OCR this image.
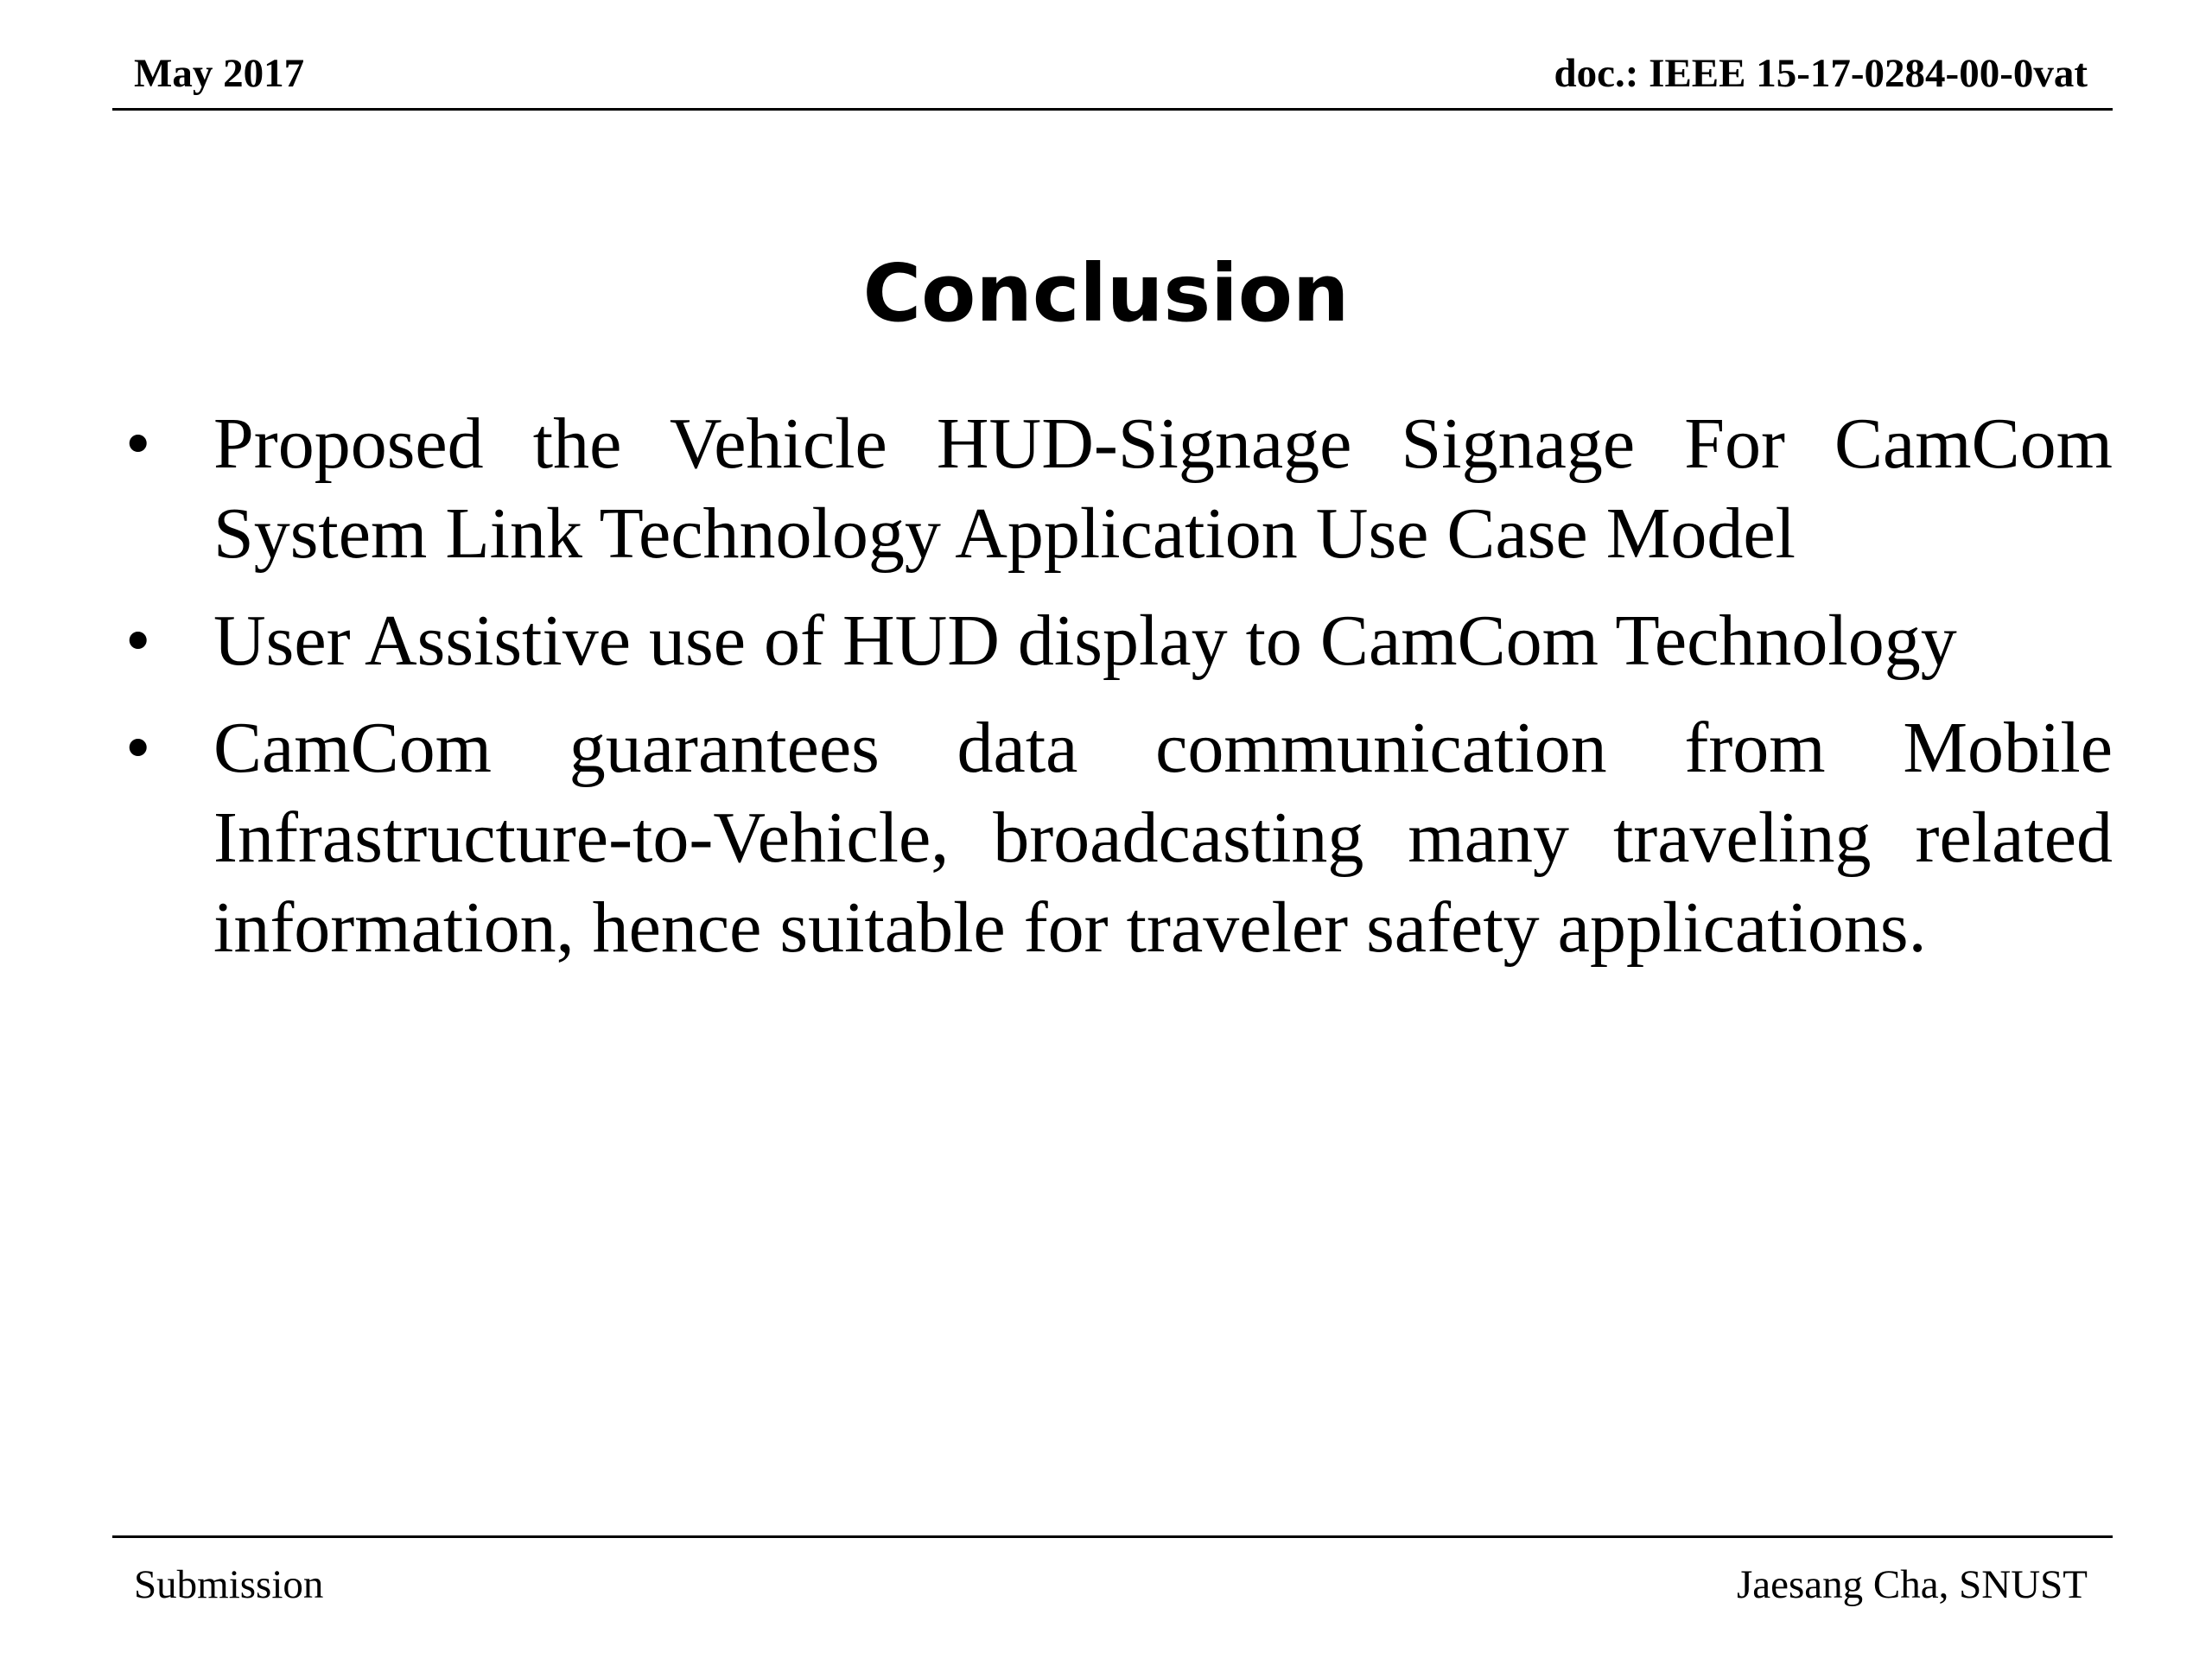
May 2017	doc.: IEEE 15-17-0284-00-0vat
Conclusion
• Proposed the Vehicle HUD-Signage Signage For CamCom System Link Technology Application Use Case Model
• User Assistive use of HUD display to CamCom Technology
• CamCom guarantees data communication from Mobile Infrastructure-to-Vehicle, broadcasting many traveling related information, hence suitable for traveler safety applications.
Submission	Jaesang Cha, SNUST
